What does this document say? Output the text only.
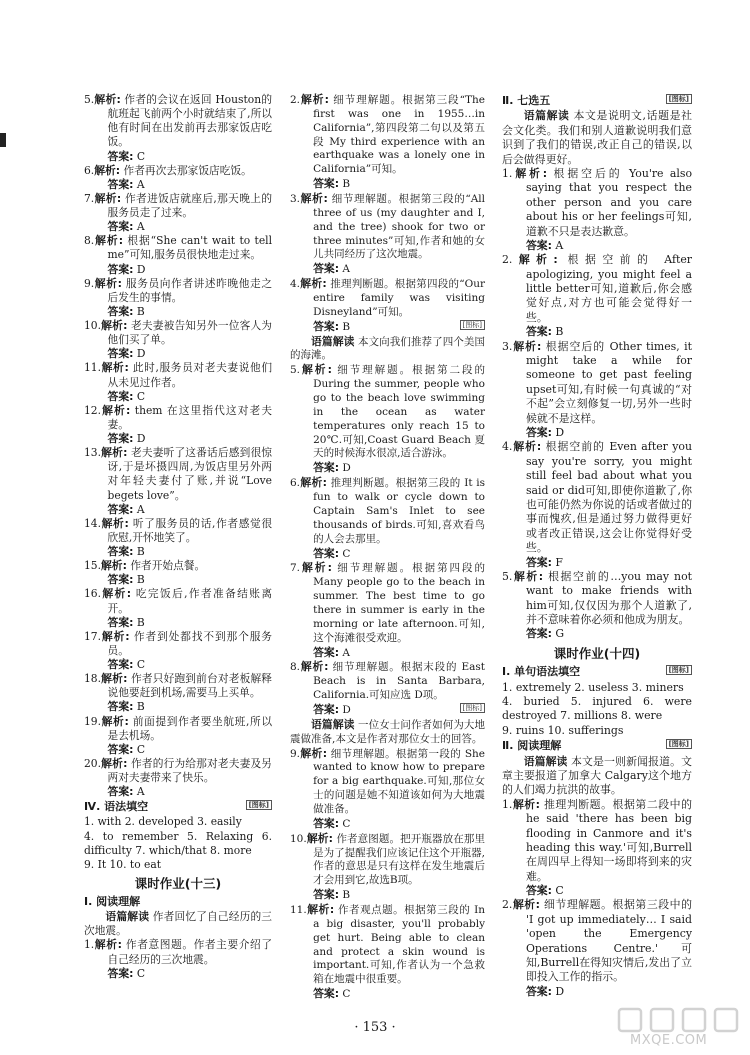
5.解析: 作者的会议在返回 Houston的航班起飞前两个小时就结束了,所以他有时间在出发前再去那家饭店吃饭。

答案: C

6.解析: 作者再次去那家饭店吃饭。

答案: A

7.解析: 作者进饭店就座后,那天晚上的服务员走了过来。

答案: A

8.解析: 根据“She can't wait to tell me”可知,服务员很快地走过来。

答案: D

9.解析: 服务员向作者讲述昨晚他走之后发生的事情。

答案: B

10.解析: 老夫妻被告知另外一位客人为他们买了单。

答案: D

11.解析: 此时,服务员对老夫妻说他们从未见过作者。

答案: C

12.解析: them 在这里指代这对老夫妻。

答案: D

13.解析: 老夫妻听了这番话后感到很惊讶,于是坏摄四周,为饭店里另外两对年轻夫妻付了账,并说“Love begets love”。

答案: A

14.解析: 听了服务员的话,作者感觉很欣慰,开怀地笑了。

答案: B

15.解析: 作者开始点餐。

答案: B

16.解析: 吃完饭后,作者准备结账离开。

答案: B

17.解析: 作者到处都找不到那个服务员。

答案: C

18.解析: 作者只好跑到前台对老板解释说他要赶到机场,需要马上买单。

答案: B

19.解析: 前面提到作者要坐航班,所以是去机场。

答案: C

20.解析: 作者的行为给那对老夫妻及另两对夫妻带来了快乐。

答案: A

Ⅳ. 语法填空	[图标]

1. with 2. developed 3. easily

4. to remember 5. Relaxing 6. difficulty 7. which/that 8. more

9. It 10. to eat

课时作业(十三)

Ⅰ. 阅读理解

语篇解读 作者回忆了自己经历的三次地震。

1.解析: 作者意图题。作者主要介绍了自己经历的三次地震。

答案: C

2.解析: 细节理解题。根据第三段“The first was one in 1955…in California”,第四段第二句以及第五段 My third experience with an earthquake was a lonely one in California”可知。

答案: B

3.解析: 细节理解题。根据第三段的“All three of us (my daughter and I, and the tree) shook for two or three minutes”可知,作者和她的女儿共同经历了这次地震。

答案: A

4.解析: 推理判断题。根据第四段的“Our entire family was visiting Disneyland”可知。

答案: B	[图标]

语篇解读 本文向我们推荐了四个美国的海滩。

5.解析: 细节理解题。根据第二段的 During the summer, people who go to the beach love swimming in the ocean as water temperatures only reach 15 to 20℃.可知,Coast Guard Beach 夏天的时候海水很凉,适合游泳。

答案: D

6.解析: 推理判断题。根据第三段的 It is fun to walk or cycle down to Captain Sam's Inlet to see thousands of birds.可知,喜欢看鸟的人会去那里。

答案: C

7.解析: 细节理解题。根据第四段的 Many people go to the beach in summer. The best time to go there in summer is early in the morning or late afternoon.可知,这个海滩很受欢迎。

答案: A

8.解析: 细节理解题。根据末段的 East Beach is in Santa Barbara, California.可知应选 D项。

答案: D	[图标]

语篇解读 一位女士问作者如何为大地震做准备,本文是作者对那位女士的回答。

9.解析: 细节理解题。根据第一段的 She wanted to know how to prepare for a big earthquake.可知,那位女士的问题是她不知道该如何为大地震做准备。

答案: C

10.解析: 作者意图题。把开瓶器放在那里是为了提醒我们应该记住这个开瓶器,作者的意思是只有这样在发生地震后才会用到它,故选B项。

答案: B

11.解析: 作者观点题。根据第三段的 In a big disaster, you'll probably get hurt. Being able to clean and protect a skin wound is important.可知,作者认为一个急救箱在地震中很重要。

答案: C

Ⅱ. 七选五	[图标]

语篇解读 本文是说明文,话题是社会文化类。我们和别人道歉说明我们意识到了我们的错误,改正自己的错误,以后会做得更好。

1.解析: 根据空后的 You're also saying that you respect the other person and you care about his or her feelings可知,道歉不只是表达歉意。

答案: A

2.解析: 根据空前的 After apologizing, you might feel a little better可知,道歉后,你会感觉好点,对方也可能会觉得好一些。

答案: B

3.解析: 根据空后的 Other times, it might take a while for someone to get past feeling upset可知,有时候一句真诚的“对不起”会立刻修复一切,另外一些时候就不是这样。

答案: D

4.解析: 根据空前的 Even after you say you're sorry, you might still feel bad about what you said or did可知,即使你道歉了,你也可能仍然为你说的话或者做过的事而愧疚,但是通过努力做得更好或者改正错误,这会让你觉得好受些。

答案: F

5.解析: 根据空前的…you may not want to make friends with him可知,仅仅因为那个人道歉了,并不意味着你必须和他成为朋友。

答案: G

课时作业(十四)

Ⅰ. 单句语法填空	[图标]

1. extremely 2. useless 3. miners

4. buried 5. injured 6. were destroyed 7. millions 8. were

9. ruins 10. sufferings

Ⅱ. 阅读理解	[图标]

语篇解读 本文是一则新闻报道。文章主要报道了加拿大 Calgary这个地方的人们竭力抗洪的故事。

1.解析: 推理判断题。根据第二段中的 he said 'there has been big flooding in Canmore and it's heading this way.'可知,Burrell在周四早上得知一场即将到来的灾难。

答案: C

2.解析: 细节理解题。根据第三段中的 'I got up immediately… I said 'open the Emergency Operations Centre.'可知,Burrell在得知灾情后,发出了立即投入工作的指示。

答案: D

· 153 ·
MXQE.COM
